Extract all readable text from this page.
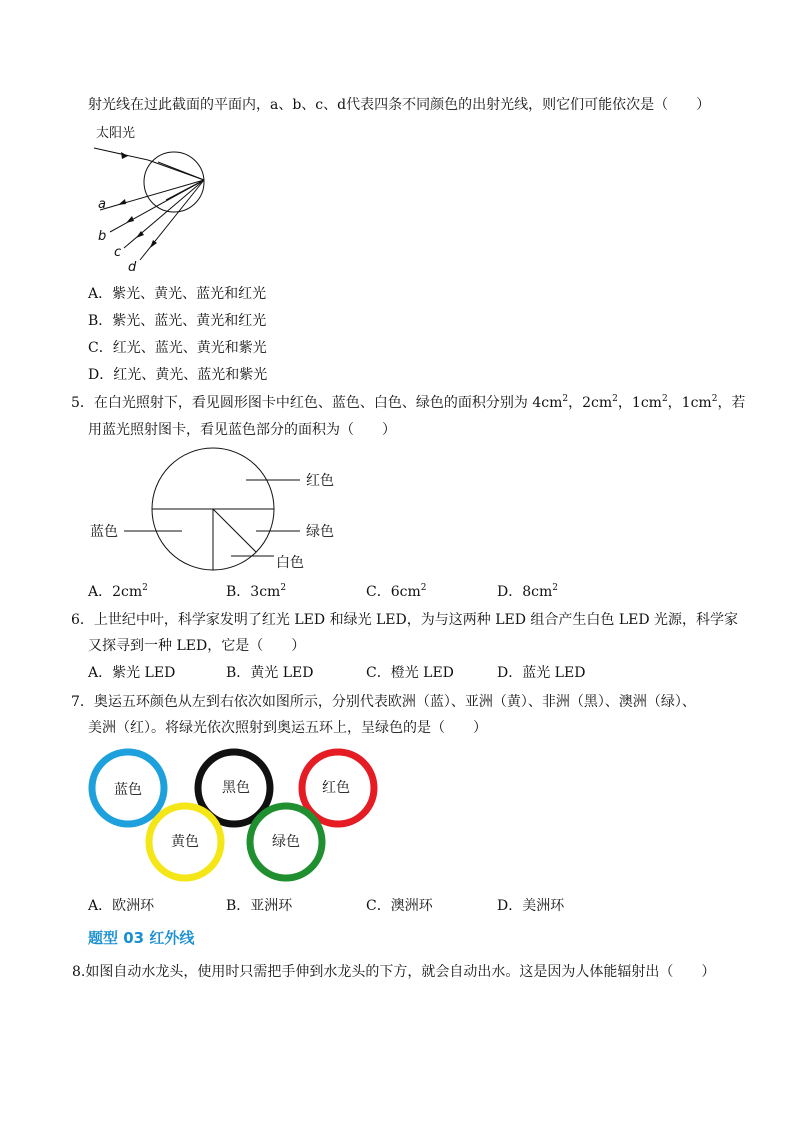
射光线在过此截面的平面内，a、b、c、d代表四条不同颜色的出射光线，则它们可能依次是（　　）
太阳光
a
b
c
d
A．紫光、黄光、蓝光和红光
B．紫光、蓝光、黄光和红光
C．红光、蓝光、黄光和紫光
D．红光、黄光、蓝光和紫光
5．在白光照射下，看见圆形图卡中红色、蓝色、白色、绿色的面积分别为 $4cm^2$，$2cm^2$，$1cm^2$，$1cm^2$，若
用蓝光照射图卡，看见蓝色部分的面积为（　　）
红色
蓝色	绿色
白色
A．$2cm^2$	B．$3cm^2$	C．$6cm^2$	D．$8cm^2$
6．上世纪中叶，科学家发明了红光 LED 和绿光 LED，为与这两种 LED 组合产生白色 LED 光源，科学家
又探寻到一种 LED，它是（　　）
A．紫光 LED	B．黄光 LED	C．橙光 LED	D．蓝光 LED
7．奥运五环颜色从左到右依次如图所示，分别代表欧洲（蓝）、亚洲（黄）、非洲（黑）、澳洲（绿）、
美洲（红）。将绿光依次照射到奥运五环上，呈绿色的是（　　）
蓝色	黑色	红色
黄色	绿色
A．欧洲环	B．亚洲环	C．澳洲环	D．美洲环
题型 03 红外线
8.如图自动水龙头，使用时只需把手伸到水龙头的下方，就会自动出水。这是因为人体能辐射出（　　）
